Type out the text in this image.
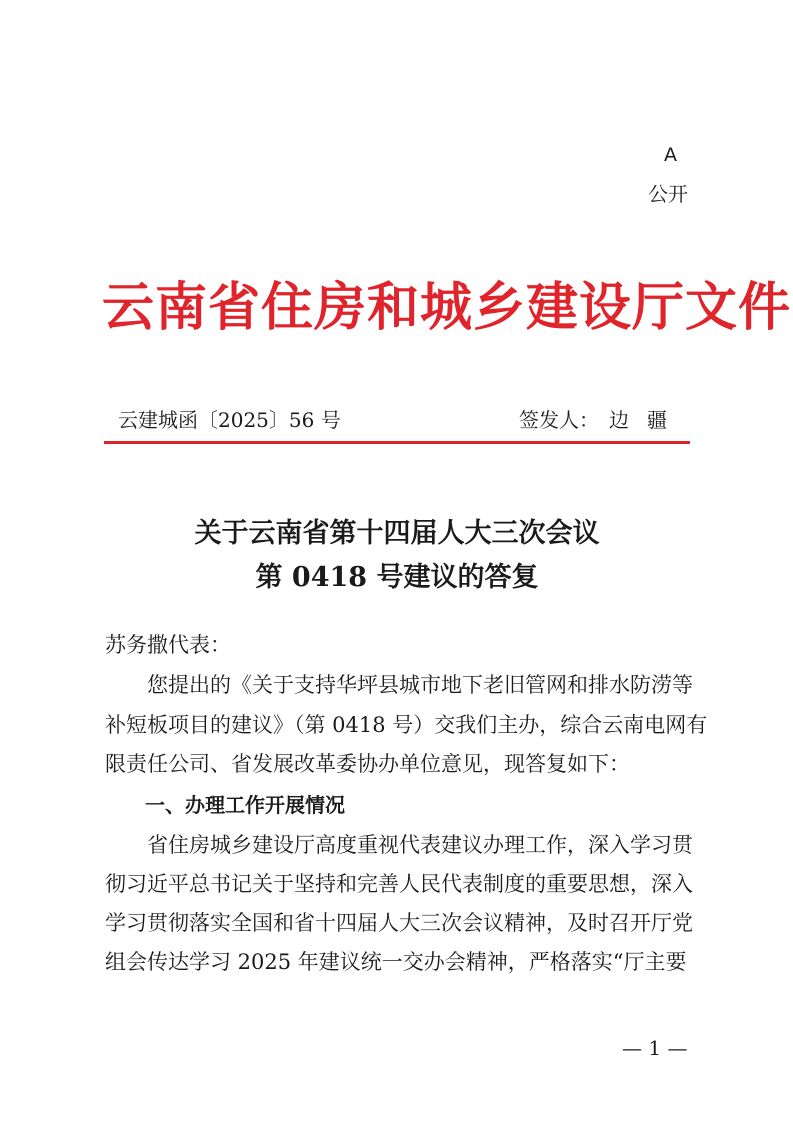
A
公开
云南省住房和城乡建设厅文件
云建城函〔2025〕56 号	签发人： 边疆
关于云南省第十四届人大三次会议
第 0418 号建议的答复
苏务撒代表：
您提出的《关于支持华坪县城市地下老旧管网和排水防涝等
补短板项目的建议》（第 0418 号）交我们主办，综合云南电网有
限责任公司、省发展改革委协办单位意见，现答复如下：
一、办理工作开展情况
省住房城乡建设厅高度重视代表建议办理工作，深入学习贯
彻习近平总书记关于坚持和完善人民代表制度的重要思想，深入
学习贯彻落实全国和省十四届人大三次会议精神，及时召开厅党
组会传达学习 2025 年建议统一交办会精神，严格落实“厅主要
— 1 —
